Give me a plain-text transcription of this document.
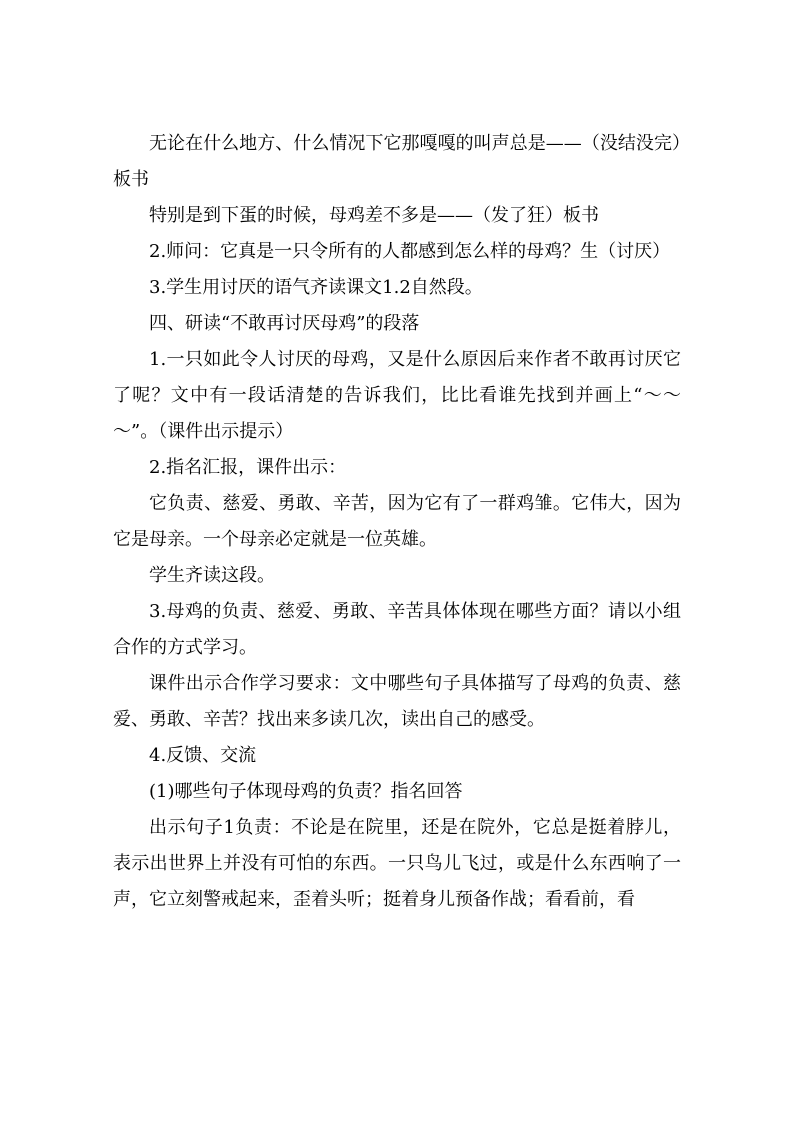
无论在什么地方、什么情况下它那嘎嘎的叫声总是——（没结没完）板书

特别是到下蛋的时候，母鸡差不多是——（发了狂）板书

2.师问：它真是一只令所有的人都感到怎么样的母鸡？生（讨厌）

3.学生用讨厌的语气齐读课文1.2自然段。

四、研读“不敢再讨厌母鸡”的段落

1.一只如此令人讨厌的母鸡，又是什么原因后来作者不敢再讨厌它了呢？文中有一段话清楚的告诉我们，比比看谁先找到并画上“～～～”。（课件出示提示）

2.指名汇报，课件出示：

它负责、慈爱、勇敢、辛苦，因为它有了一群鸡雏。它伟大，因为它是母亲。一个母亲必定就是一位英雄。

学生齐读这段。

3.母鸡的负责、慈爱、勇敢、辛苦具体体现在哪些方面？请以小组合作的方式学习。

课件出示合作学习要求：文中哪些句子具体描写了母鸡的负责、慈爱、勇敢、辛苦？找出来多读几次，读出自己的感受。

4.反馈、交流

(1)哪些句子体现母鸡的负责？指名回答

出示句子1负责：不论是在院里，还是在院外，它总是挺着脖儿，表示出世界上并没有可怕的东西。一只鸟儿飞过，或是什么东西响了一声，它立刻警戒起来，歪着头听；挺着身儿预备作战；看看前，看
